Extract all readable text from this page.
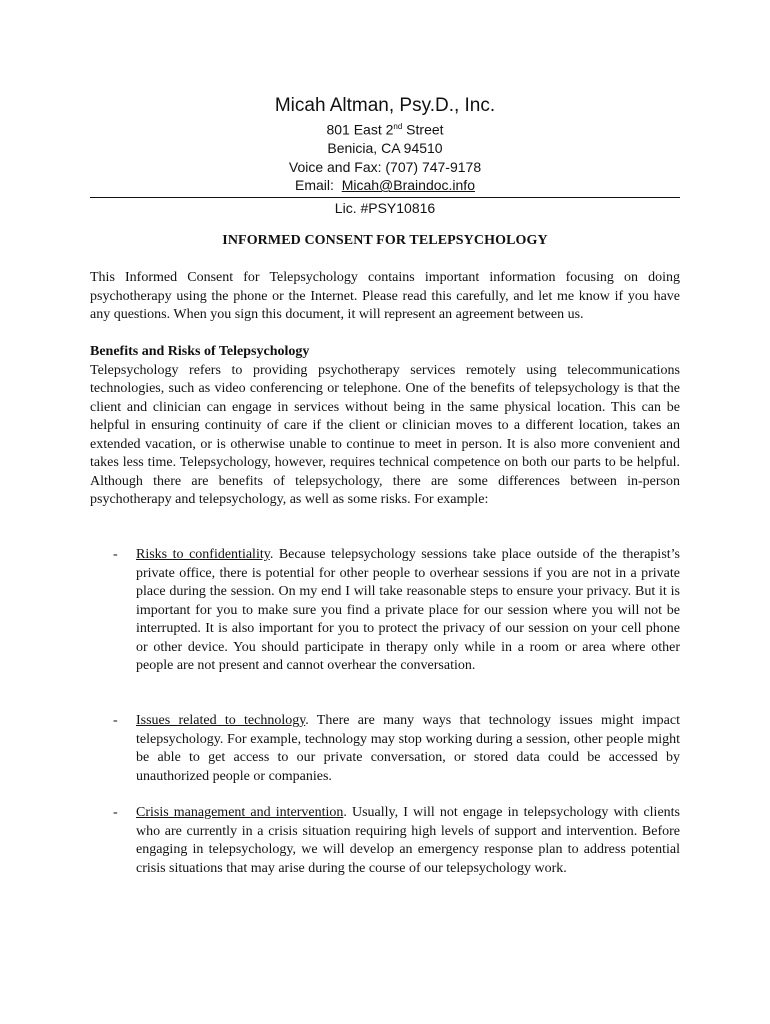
Micah Altman, Psy.D., Inc.
801 East 2nd Street
Benicia, CA 94510
Voice and Fax: (707) 747-9178
Email:  Micah@Braindoc.info
Lic. #PSY10816
INFORMED CONSENT FOR TELEPSYCHOLOGY

This Informed Consent for Telepsychology contains important information focusing on doing psychotherapy using the phone or the Internet. Please read this carefully, and let me know if you have any questions. When you sign this document, it will represent an agreement between us.

Benefits and Risks of Telepsychology
Telepsychology refers to providing psychotherapy services remotely using telecommunications technologies, such as video conferencing or telephone. One of the benefits of telepsychology is that the client and clinician can engage in services without being in the same physical location. This can be helpful in ensuring continuity of care if the client or clinician moves to a different location, takes an extended vacation, or is otherwise unable to continue to meet in person. It is also more convenient and takes less time. Telepsychology, however, requires technical competence on both our parts to be helpful. Although there are benefits of telepsychology, there are some differences between in-person psychotherapy and telepsychology, as well as some risks. For example:

- Risks to confidentiality. Because telepsychology sessions take place outside of the therapist’s private office, there is potential for other people to overhear sessions if you are not in a private place during the session. On my end I will take reasonable steps to ensure your privacy. But it is important for you to make sure you find a private place for our session where you will not be interrupted. It is also important for you to protect the privacy of our session on your cell phone or other device. You should participate in therapy only while in a room or area where other people are not present and cannot overhear the conversation.
- Issues related to technology. There are many ways that technology issues might impact telepsychology. For example, technology may stop working during a session, other people might be able to get access to our private conversation, or stored data could be accessed by unauthorized people or companies.
- Crisis management and intervention. Usually, I will not engage in telepsychology with clients who are currently in a crisis situation requiring high levels of support and intervention. Before engaging in telepsychology, we will develop an emergency response plan to address potential crisis situations that may arise during the course of our telepsychology work.
